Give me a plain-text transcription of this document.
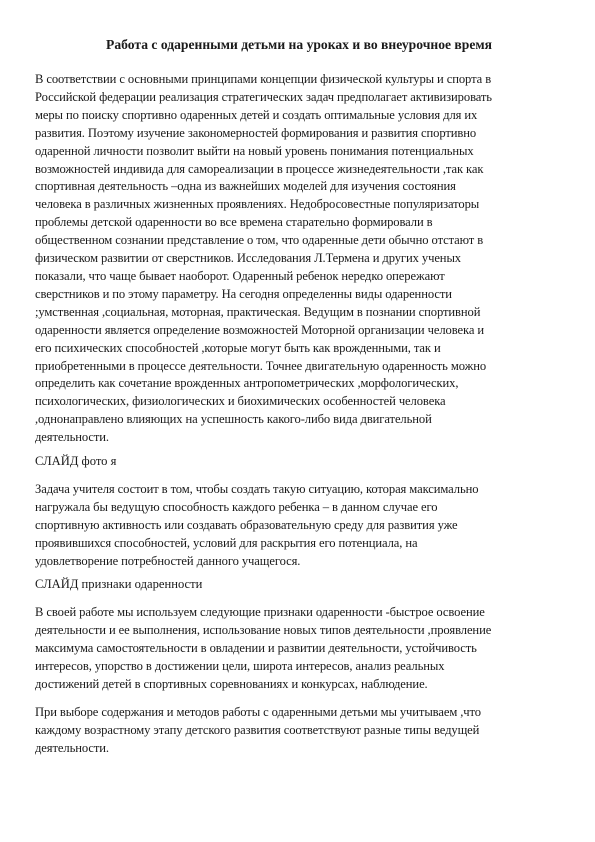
Работа с одаренными детьми на уроках и во внеурочное время
В соответствии с основными принципами концепции физической культуры и спорта в
Российской федерации реализация стратегических задач предполагает активизировать
меры по поиску спортивно одаренных детей и создать оптимальные условия для их
развития. Поэтому изучение закономерностей формирования и развития спортивно
одаренной личности позволит выйти на новый уровень понимания потенциальных
возможностей индивида для самореализации в процессе жизнедеятельности ,так как
спортивная деятельность –одна из важнейших моделей для изучения состояния
человека в различных жизненных проявлениях. Недобросовестные популяризаторы
проблемы детской одаренности во все времена старательно формировали в
общественном сознании представление о том, что одаренные дети обычно отстают в
физическом развитии от сверстников. Исследования Л.Термена и других ученых
показали, что чаще бывает наоборот. Одаренный ребенок нередко опережают
сверстников и по этому параметру. На сегодня определенны виды одаренности
;умственная ,социальная, моторная, практическая. Ведущим в познании спортивной
одаренности является определение возможностей Моторной организации человека и
его психических способностей ,которые могут быть как врожденными, так и
приобретенными в процессе деятельности. Точнее двигательную одаренность можно
определить как сочетание врожденных антропометрических ,морфологических,
психологических, физиологических и биохимических особенностей человека
,однонаправлено влияющих на успешность какого-либо вида двигательной
деятельности.
СЛАЙД фото я
Задача учителя состоит в том, чтобы создать такую ситуацию, которая максимально
нагружала бы ведущую способность каждого ребенка – в данном случае его
спортивную активность или создавать образовательную среду для развития уже
проявившихся способностей, условий для раскрытия его потенциала, на
удовлетворение потребностей данного учащегося.
СЛАЙД признаки одаренности
В своей работе мы используем следующие признаки одаренности -быстрое освоение
деятельности и ее выполнения, использование новых типов деятельности ,проявление
максимума самостоятельности в овладении и развитии деятельности, устойчивость
интересов, упорство в достижении цели, широта интересов, анализ реальных
достижений детей в спортивных соревнованиях и конкурсах, наблюдение.
При выборе содержания и методов работы с одаренными детьми мы учитываем ,что
каждому возрастному этапу детского развития соответствуют разные типы ведущей
деятельности.
